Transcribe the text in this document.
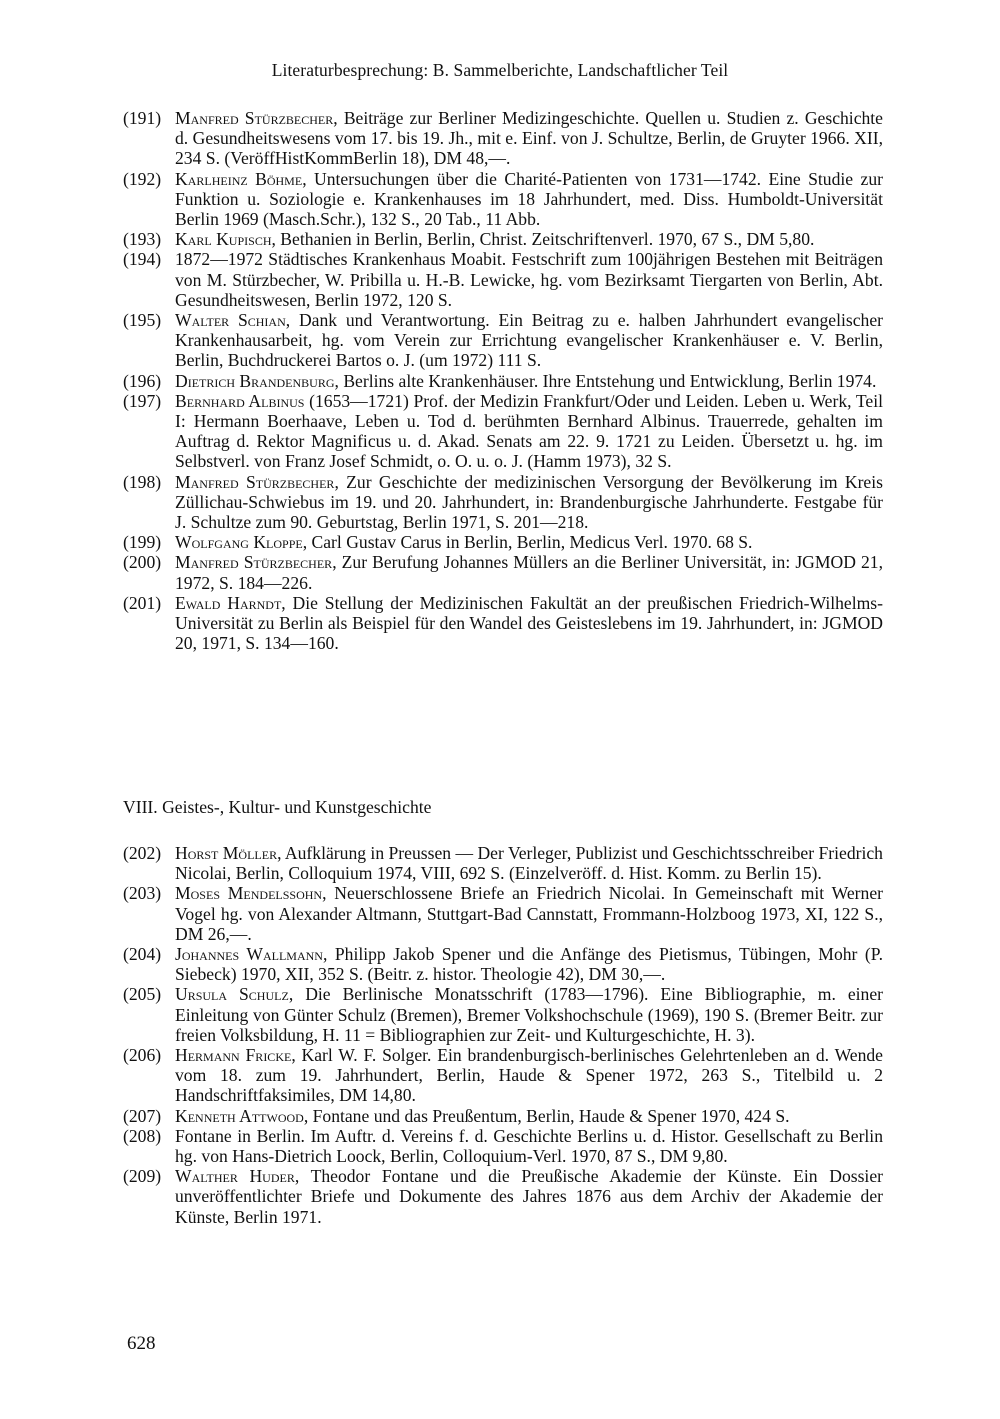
Literaturbesprechung: B. Sammelberichte, Landschaftlicher Teil
(191) Manfred Stürzbecher, Beiträge zur Berliner Medizingeschichte. Quellen u. Studien z. Geschichte d. Gesundheitswesens vom 17. bis 19. Jh., mit e. Einf. von J. Schultze, Berlin, de Gruyter 1966. XII, 234 S. (VeröffHistKommBerlin 18), DM 48,—.
(192) Karlheinz Böhme, Untersuchungen über die Charité-Patienten von 1731—1742. Eine Studie zur Funktion u. Soziologie e. Krankenhauses im 18 Jahrhundert, med. Diss. Humboldt-Universität Berlin 1969 (Masch.Schr.), 132 S., 20 Tab., 11 Abb.
(193) Karl Kupisch, Bethanien in Berlin, Berlin, Christ. Zeitschriftenverl. 1970, 67 S., DM 5,80.
(194) 1872—1972 Städtisches Krankenhaus Moabit. Festschrift zum 100jährigen Bestehen mit Beiträgen von M. Stürzbecher, W. Pribilla u. H.-B. Lewicke, hg. vom Bezirksamt Tiergarten von Berlin, Abt. Gesundheitswesen, Berlin 1972, 120 S.
(195) Walter Schian, Dank und Verantwortung. Ein Beitrag zu e. halben Jahrhundert evangelischer Krankenhausarbeit, hg. vom Verein zur Errichtung evangelischer Krankenhäuser e. V. Berlin, Berlin, Buchdruckerei Bartos o. J. (um 1972) 111 S.
(196) Dietrich Brandenburg, Berlins alte Krankenhäuser. Ihre Entstehung und Entwicklung, Berlin 1974.
(197) Bernhard Albinus (1653—1721) Prof. der Medizin Frankfurt/Oder und Leiden. Leben u. Werk, Teil I: Hermann Boerhaave, Leben u. Tod d. berühmten Bernhard Albinus. Trauerrede, gehalten im Auftrag d. Rektor Magnificus u. d. Akad. Senats am 22. 9. 1721 zu Leiden. Übersetzt u. hg. im Selbstverl. von Franz Josef Schmidt, o. O. u. o. J. (Hamm 1973), 32 S.
(198) Manfred Stürzbecher, Zur Geschichte der medizinischen Versorgung der Bevölkerung im Kreis Züllichau-Schwiebus im 19. und 20. Jahrhundert, in: Brandenburgische Jahrhunderte. Festgabe für J. Schultze zum 90. Geburtstag, Berlin 1971, S. 201—218.
(199) Wolfgang Kloppe, Carl Gustav Carus in Berlin, Berlin, Medicus Verl. 1970. 68 S.
(200) Manfred Stürzbecher, Zur Berufung Johannes Müllers an die Berliner Universität, in: JGMOD 21, 1972, S. 184—226.
(201) Ewald Harndt, Die Stellung der Medizinischen Fakultät an der preußischen Friedrich-Wilhelms-Universität zu Berlin als Beispiel für den Wandel des Geisteslebens im 19. Jahrhundert, in: JGMOD 20, 1971, S. 134—160.
VIII. Geistes-, Kultur- und Kunstgeschichte
(202) Horst Möller, Aufklärung in Preussen — Der Verleger, Publizist und Geschichtsschreiber Friedrich Nicolai, Berlin, Colloquium 1974, VIII, 692 S. (Einzelveröff. d. Hist. Komm. zu Berlin 15).
(203) Moses Mendelssohn, Neuerschlossene Briefe an Friedrich Nicolai. In Gemeinschaft mit Werner Vogel hg. von Alexander Altmann, Stuttgart-Bad Cannstatt, Frommann-Holzboog 1973, XI, 122 S., DM 26,—.
(204) Johannes Wallmann, Philipp Jakob Spener und die Anfänge des Pietismus, Tübingen, Mohr (P. Siebeck) 1970, XII, 352 S. (Beitr. z. histor. Theologie 42), DM 30,—.
(205) Ursula Schulz, Die Berlinische Monatsschrift (1783—1796). Eine Bibliographie, m. einer Einleitung von Günter Schulz (Bremen), Bremer Volkshochschule (1969), 190 S. (Bremer Beitr. zur freien Volksbildung, H. 11 = Bibliographien zur Zeit- und Kulturgeschichte, H. 3).
(206) Hermann Fricke, Karl W. F. Solger. Ein brandenburgisch-berlinisches Gelehrtenleben an d. Wende vom 18. zum 19. Jahrhundert, Berlin, Haude & Spener 1972, 263 S., Titelbild u. 2 Handschriftfaksimiles, DM 14,80.
(207) Kenneth Attwood, Fontane und das Preußentum, Berlin, Haude & Spener 1970, 424 S.
(208) Fontane in Berlin. Im Auftr. d. Vereins f. d. Geschichte Berlins u. d. Histor. Gesellschaft zu Berlin hg. von Hans-Dietrich Loock, Berlin, Colloquium-Verl. 1970, 87 S., DM 9,80.
(209) Walther Huder, Theodor Fontane und die Preußische Akademie der Künste. Ein Dossier unveröffentlichter Briefe und Dokumente des Jahres 1876 aus dem Archiv der Akademie der Künste, Berlin 1971.
628
